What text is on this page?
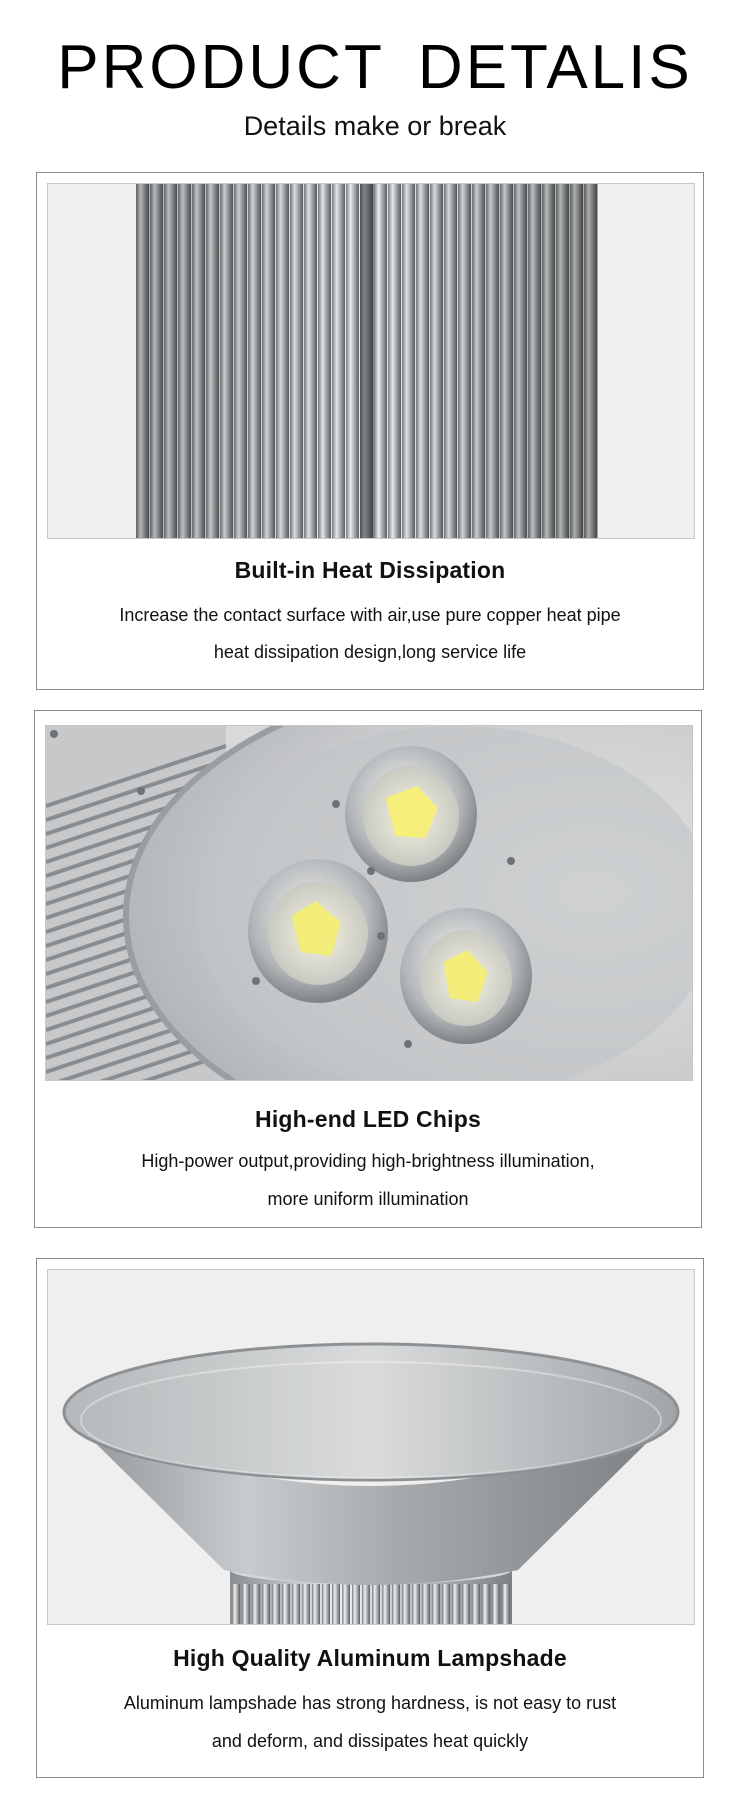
PRODUCT DETALIS
Details make or break
Built-in Heat Dissipation
Increase the contact surface with air,use pure copper heat pipe
heat dissipation design,long service life
High-end LED Chips
High-power output,providing high-brightness illumination,
more uniform illumination
High Quality Aluminum Lampshade
Aluminum lampshade has strong hardness, is not easy to rust
and deform, and dissipates heat quickly
